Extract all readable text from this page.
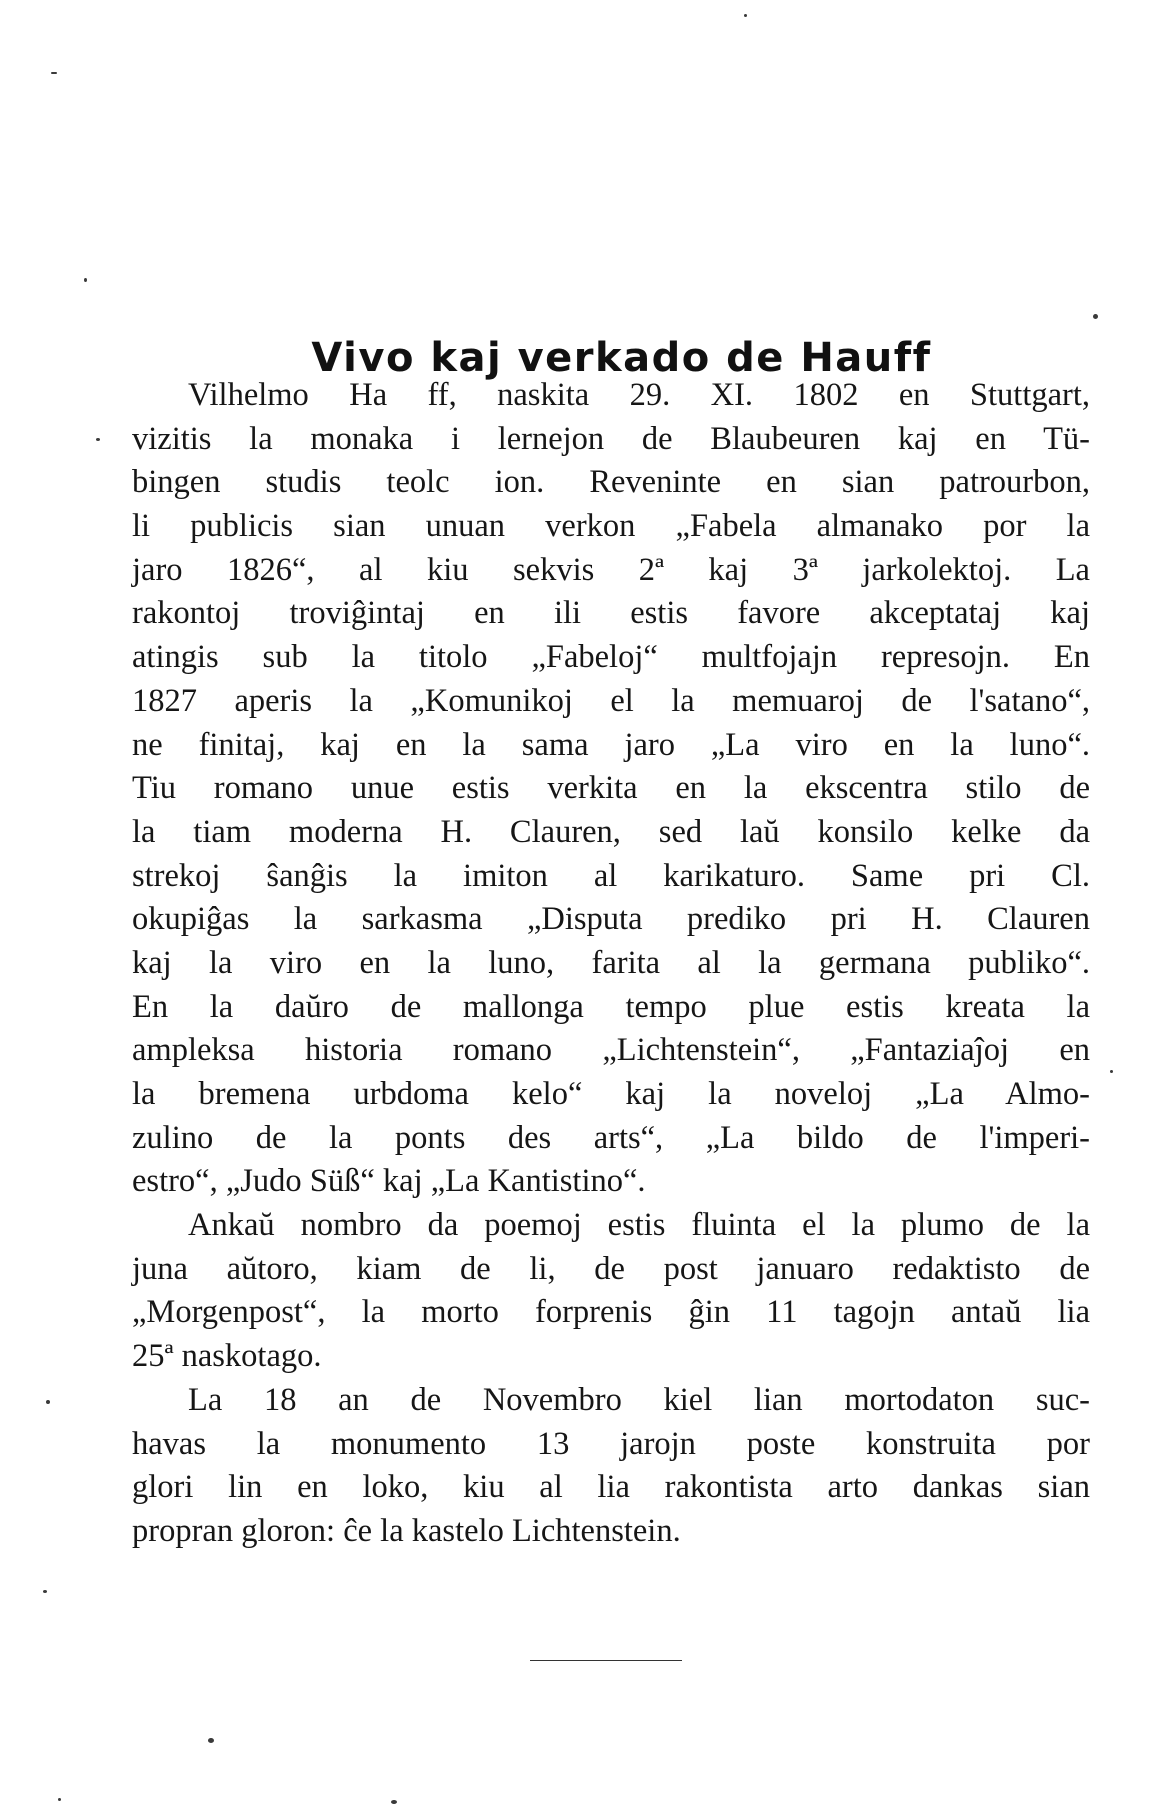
Vivo kaj verkado de Hauff
Vilhelmo Ha ff, naskita 29. XI. 1802 en Stuttgart,
vizitis la monaka i lernejon de Blaubeuren kaj en Tü-
bingen studis teolc ion. Reveninte en sian patrourbon,
li publicis sian unuan verkon „Fabela almanako por la
jaro 1826“, al kiu sekvis 2ª kaj 3ª jarkolektoj. La
rakontoj troviĝintaj en ili estis favore akceptataj kaj
atingis sub la titolo „Fabeloj“ multfojajn represojn. En
1827 aperis la „Komunikoj el la memuaroj de l'satano“,
ne finitaj, kaj en la sama jaro „La viro en la luno“.
Tiu romano unue estis verkita en la ekscentra stilo de
la tiam moderna H. Clauren, sed laŭ konsilo kelke da
strekoj ŝanĝis la imiton al karikaturo. Same pri Cl.
okupiĝas la sarkasma „Disputa prediko pri H. Clauren
kaj la viro en la luno, farita al la germana publiko“.
En la daŭro de mallonga tempo plue estis kreata la
ampleksa historia romano „Lichtenstein“, „Fantaziaĵoj en
la bremena urbdoma kelo“ kaj la noveloj „La Almo-
zulino de la ponts des arts“, „La bildo de l'imperi-
estro“, „Judo Süß“ kaj „La Kantistino“.
Ankaŭ nombro da poemoj estis fluinta el la plumo de la
juna aŭtoro, kiam de li, de post januaro redaktisto de
„Morgenpost“, la morto forprenis ĝin 11 tagojn antaŭ lia
25ª naskotago.
La 18 an de Novembro kiel lian mortodaton suc-
havas la monumento 13 jarojn poste konstruita por
glori lin en loko, kiu al lia rakontista arto dankas sian
propran gloron: ĉe la kastelo Lichtenstein.
